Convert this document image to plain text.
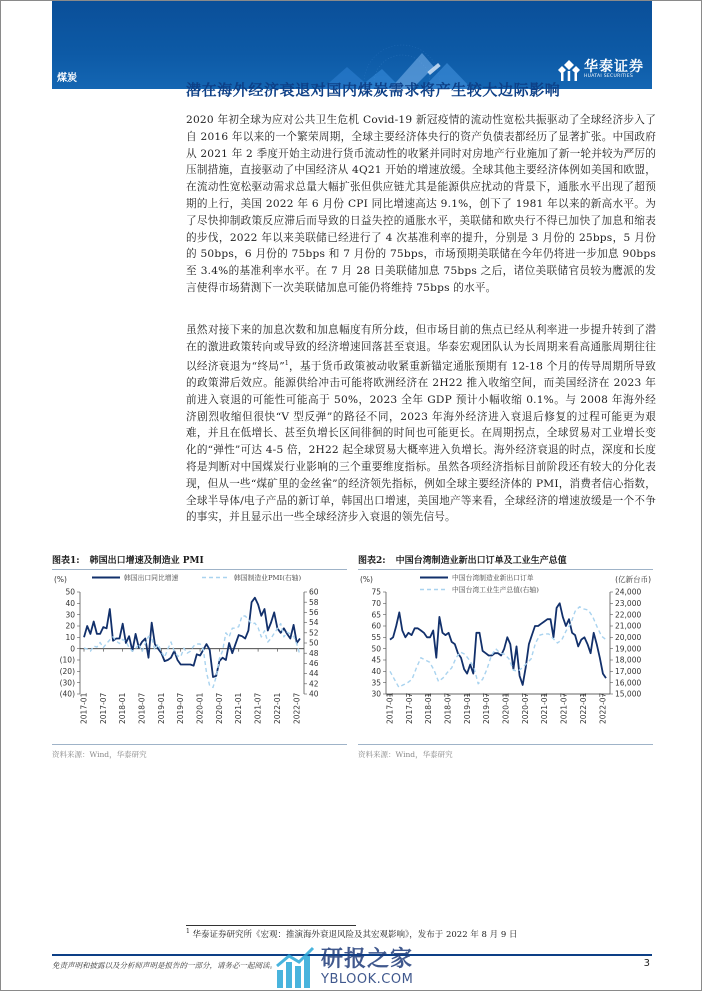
煤炭
华泰证券
HUATAI SECURITIES
潜在海外经济衰退对国内煤炭需求将产生较大边际影响
2020 年初全球为应对公共卫生危机 Covid-19 新冠疫情的流动性宽松共振驱动了全球经济步入了自 2016 年以来的一个繁荣周期，全球主要经济体央行的资产负债表都经历了显著扩张。中国政府从 2021 年 2 季度开始主动进行货币流动性的收紧并同时对房地产行业施加了新一轮并较为严厉的压制措施，直接驱动了中国经济从 4Q21 开始的增速放缓。全球其他主要经济体例如美国和欧盟，在流动性宽松驱动需求总量大幅扩张但供应链尤其是能源供应扰动的背景下，通胀水平出现了超预期的上行，美国 2022 年 6 月份 CPI 同比增速高达 9.1%，创下了 1981 年以来的新高水平。为了尽快抑制政策反应滞后而导致的日益失控的通胀水平，美联储和欧央行不得已加快了加息和缩表的步伐，2022 年以来美联储已经进行了 4 次基准利率的提升，分别是 3 月份的 25bps，5 月份的 50bps，6 月份的 75bps 和 7 月份的 75bps，市场预期美联储在今年仍将进一步加息 90bps 至 3.4%的基准利率水平。在 7 月 28 日美联储加息 75bps 之后，诸位美联储官员较为鹰派的发言使得市场猜测下一次美联储加息可能仍将维持 75bps 的水平。
虽然对接下来的加息次数和加息幅度有所分歧，但市场目前的焦点已经从利率进一步提升转到了潜在的激进政策转向或导致的经济增速回落甚至衰退。华泰宏观团队认为长周期来看高通胀周期往往以经济衰退为“终局”$^1$，基于货币政策被动收紧重新锚定通胀预期有 12-18 个月的传导周期所导致的政策滞后效应。能源供给冲击可能将欧洲经济在 2H22 推入收缩空间，而美国经济在 2023 年前进入衰退的可能性可能高于 50%，2023 全年 GDP 预计小幅收缩 0.1%。与 2008 年海外经济剧烈收缩但很快“V 型反弹”的路径不同，2023 年海外经济进入衰退后修复的过程可能更为艰难，并且在低增长、甚至负增长区间徘徊的时间也可能更长。在周期拐点，全球贸易对工业增长变化的“弹性”可达 4-5 倍，2H22 起全球贸易大概率进入负增长。海外经济衰退的时点，深度和长度将是判断对中国煤炭行业影响的三个重要维度指标。虽然各项经济指标目前阶段还有较大的分化表现，但从一些“煤矿里的金丝雀”的经济领先指标，例如全球主要经济体的 PMI，消费者信心指数，全球半导体/电子产品的新订单，韩国出口增速，美国地产等来看，全球经济的增速放缓是一个不争的事实，并且显示出一些全球经济步入衰退的领先信号。
图表1: 韩国出口增速及制造业 PMI
(%)
50
40
30
20
10
0
(10)
(20)
(30)
(40)
60
58
56
54
52
50
48
46
44
42
40
2017-01 2017-07 2018-01 2018-07 2019-01 2019-07 2020-01 2020-07 2021-01 2021-07 2022-01 2022-07
韩国出口同比增速	韩国制造业PMI(右轴)
资料来源：Wind，华泰研究
图表2: 中国台湾制造业新出口订单及工业生产总值
(%)	(亿新台币)
75
70
65
60
55
50
45
40
35
30
24,000
23,000
22,000
21,000
20,000
19,000
18,000
17,000
16,000
15,000
2017-01 2017-07 2018-01 2018-07 2019-01 2019-07 2020-01 2020-07 2021-01 2021-07 2022-01 2022-07
中国台湾制造业新出口订单
中国台湾工业生产总值(右轴)
资料来源：Wind，华泰研究
$^1$ 华泰证券研究所《宏观：推演海外衰退风险及其宏观影响》，发布于 2022 年 8 月 9 日
免责声明和披露以及分析师声明是报告的一部分，请务必一起阅读。	3
研报之家
YBLOOK.COM
